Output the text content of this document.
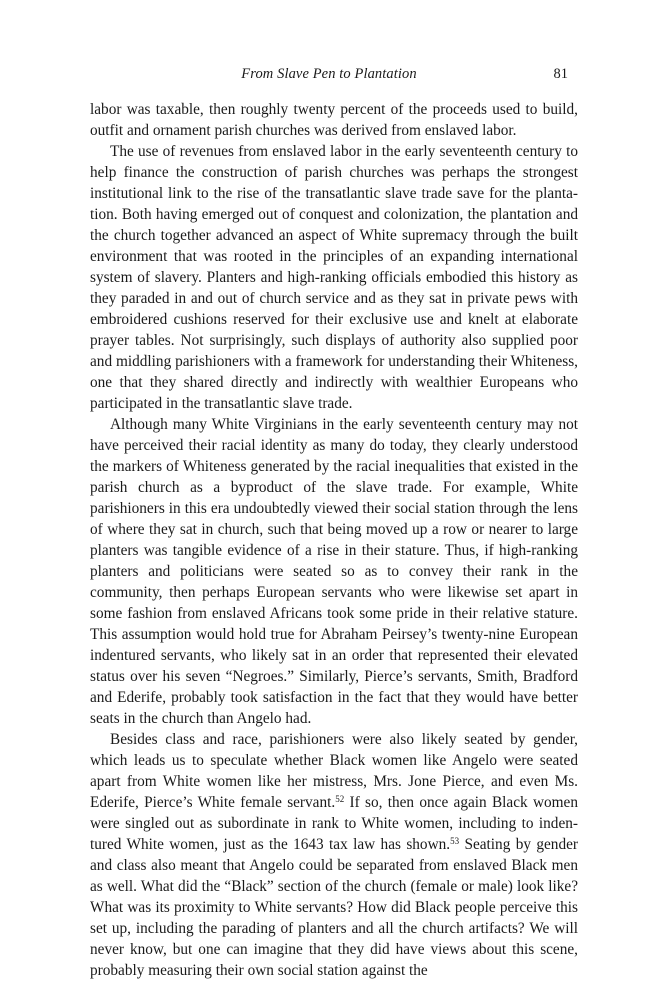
From Slave Pen to Plantation	81

labor was taxable, then roughly twenty percent of the proceeds used to build, outfit and ornament parish churches was derived from enslaved labor.

The use of revenues from enslaved labor in the early seventeenth century to help finance the construction of parish churches was perhaps the strongest institutional link to the rise of the transatlantic slave trade save for the plantation. Both having emerged out of conquest and colonization, the plantation and the church together advanced an aspect of White supremacy through the built environment that was rooted in the principles of an expanding international system of slavery. Planters and high-ranking officials embodied this history as they paraded in and out of church service and as they sat in private pews with embroidered cushions reserved for their exclusive use and knelt at elaborate prayer tables. Not surprisingly, such displays of authority also supplied poor and middling parishioners with a framework for understanding their Whiteness, one that they shared directly and indirectly with wealthier Europeans who participated in the transatlantic slave trade.

Although many White Virginians in the early seventeenth century may not have perceived their racial identity as many do today, they clearly understood the markers of Whiteness generated by the racial inequalities that existed in the parish church as a byproduct of the slave trade. For example, White parishioners in this era undoubtedly viewed their social station through the lens of where they sat in church, such that being moved up a row or nearer to large planters was tangible evidence of a rise in their stature. Thus, if high-ranking planters and politicians were seated so as to convey their rank in the community, then perhaps European servants who were likewise set apart in some fashion from enslaved Africans took some pride in their relative stature. This assumption would hold true for Abraham Peirsey’s twenty-nine European indentured servants, who likely sat in an order that represented their elevated status over his seven “Negroes.” Similarly, Pierce’s servants, Smith, Bradford and Ederife, probably took satisfaction in the fact that they would have better seats in the church than Angelo had.

Besides class and race, parishioners were also likely seated by gender, which leads us to speculate whether Black women like Angelo were seated apart from White women like her mistress, Mrs. Jone Pierce, and even Ms. Ederife, Pierce’s White female servant.$^{52}$ If so, then once again Black women were singled out as subordinate in rank to White women, including to indentured White women, just as the 1643 tax law has shown.$^{53}$ Seating by gender and class also meant that Angelo could be separated from enslaved Black men as well. What did the “Black” section of the church (female or male) look like? What was its proximity to White servants? How did Black people perceive this set up, including the parading of planters and all the church artifacts? We will never know, but one can imagine that they did have views about this scene, probably measuring their own social station against the
